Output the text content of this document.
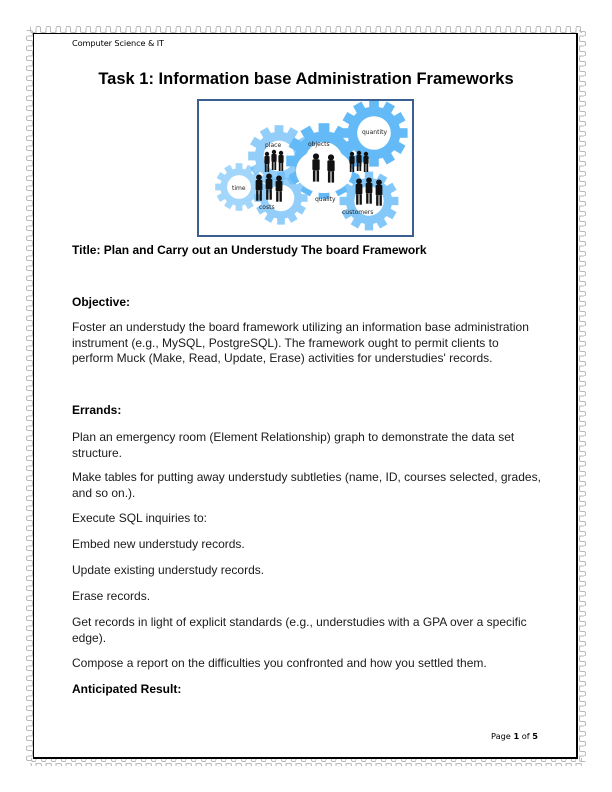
Computer Science & IT
Task 1: Information base Administration Frameworks
quantity
place	objects
time
costs
quality
customers
Title: Plan and Carry out an Understudy The board Framework
Objective:
Foster an understudy the board framework utilizing an information base administration instrument (e.g., MySQL, PostgreSQL). The framework ought to permit clients to perform Muck (Make, Read, Update, Erase) activities for understudies' records.
Errands:
Plan an emergency room (Element Relationship) graph to demonstrate the data set structure.
Make tables for putting away understudy subtleties (name, ID, courses selected, grades, and so on.).
Execute SQL inquiries to:
Embed new understudy records.
Update existing understudy records.
Erase records.
Get records in light of explicit standards (e.g., understudies with a GPA over a specific edge).
Compose a report on the difficulties you confronted and how you settled them.
Anticipated Result:
Page 1 of 5
